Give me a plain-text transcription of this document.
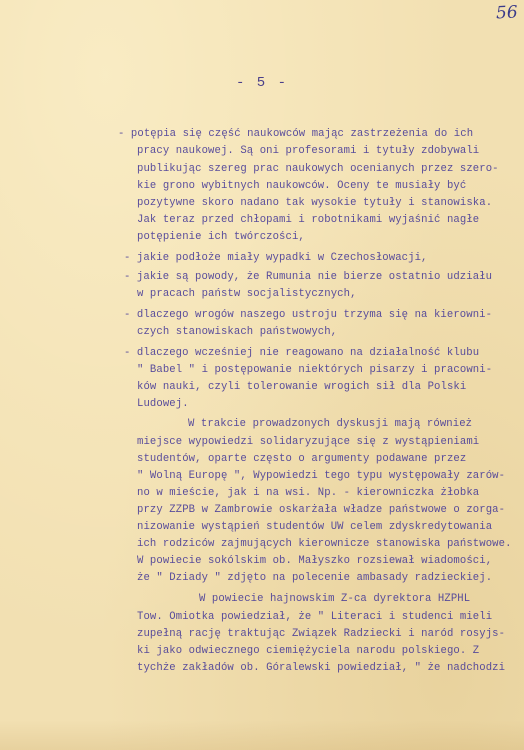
56
- 5 -
- potępia się część naukowców mając zastrzeżenia do ich
pracy naukowej. Są oni profesorami i tytuły zdobywali
publikując szereg prac naukowych ocenianych przez szero-
kie grono wybitnych naukowców. Oceny te musiały być
pozytywne skoro nadano tak wysokie tytuły i stanowiska.
Jak teraz przed chłopami i robotnikami wyjaśnić nagłe
potępienie ich twórczości,
- jakie podłoże miały wypadki w Czechosłowacji,
- jakie są powody, że Rumunia nie bierze ostatnio udziału
w pracach państw socjalistycznych,
- dlaczego wrogów naszego ustroju trzyma się na kierowni-
czych stanowiskach państwowych,
- dlaczego wcześniej nie reagowano na działalność klubu
" Babel " i postępowanie niektórych pisarzy i pracowni-
ków nauki, czyli tolerowanie wrogich sił dla Polski
Ludowej.
W trakcie prowadzonych dyskusji mają również
miejsce wypowiedzi solidaryzujące się z wystąpieniami
studentów, oparte często o argumenty podawane przez
" Wolną Europę ", Wypowiedzi tego typu występowały zarów-
no w mieście, jak i na wsi. Np. - kierowniczka żłobka
przy ZZPB w Zambrowie oskarżała władze państwowe o zorga-
nizowanie wystąpień studentów UW celem zdyskredytowania
ich rodziców zajmujących kierownicze stanowiska państwowe.
W powiecie sokólskim ob. Małyszko rozsiewał wiadomości,
że " Dziady " zdjęto na polecenie ambasady radzieckiej.
W powiecie hajnowskim Z-ca dyrektora HZPHL
Tow. Omiotka powiedział, że " Literaci i studenci mieli
zupełną rację traktując Związek Radziecki i naród rosyjs-
ki jako odwiecznego ciemiężyciela narodu polskiego. Z
tychże zakładów ob. Góralewski powiedział, " że nadchodzi
